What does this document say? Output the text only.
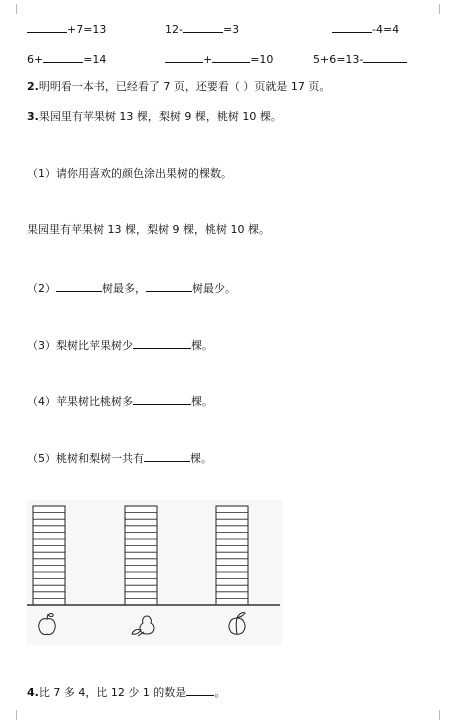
+7=13	12-	=3	-4=4
6+	=14	+	=10	5+6=13-
2.明明看一本书，已经看了 7 页，还要看（ ）页就是 17 页。
3.果园里有苹果树 13 棵，梨树 9 棵，桃树 10 棵。
（1）请你用喜欢的颜色涂出果树的棵数。
果园里有苹果树 13 棵，梨树 9 棵，桃树 10 棵。
（2）	树最多，	树最少。
（3）梨树比苹果树少	棵。
（4）苹果树比桃树多	棵。
（5）桃树和梨树一共有	棵。
4.比 7 多 4，比 12 少 1 的数是	。
